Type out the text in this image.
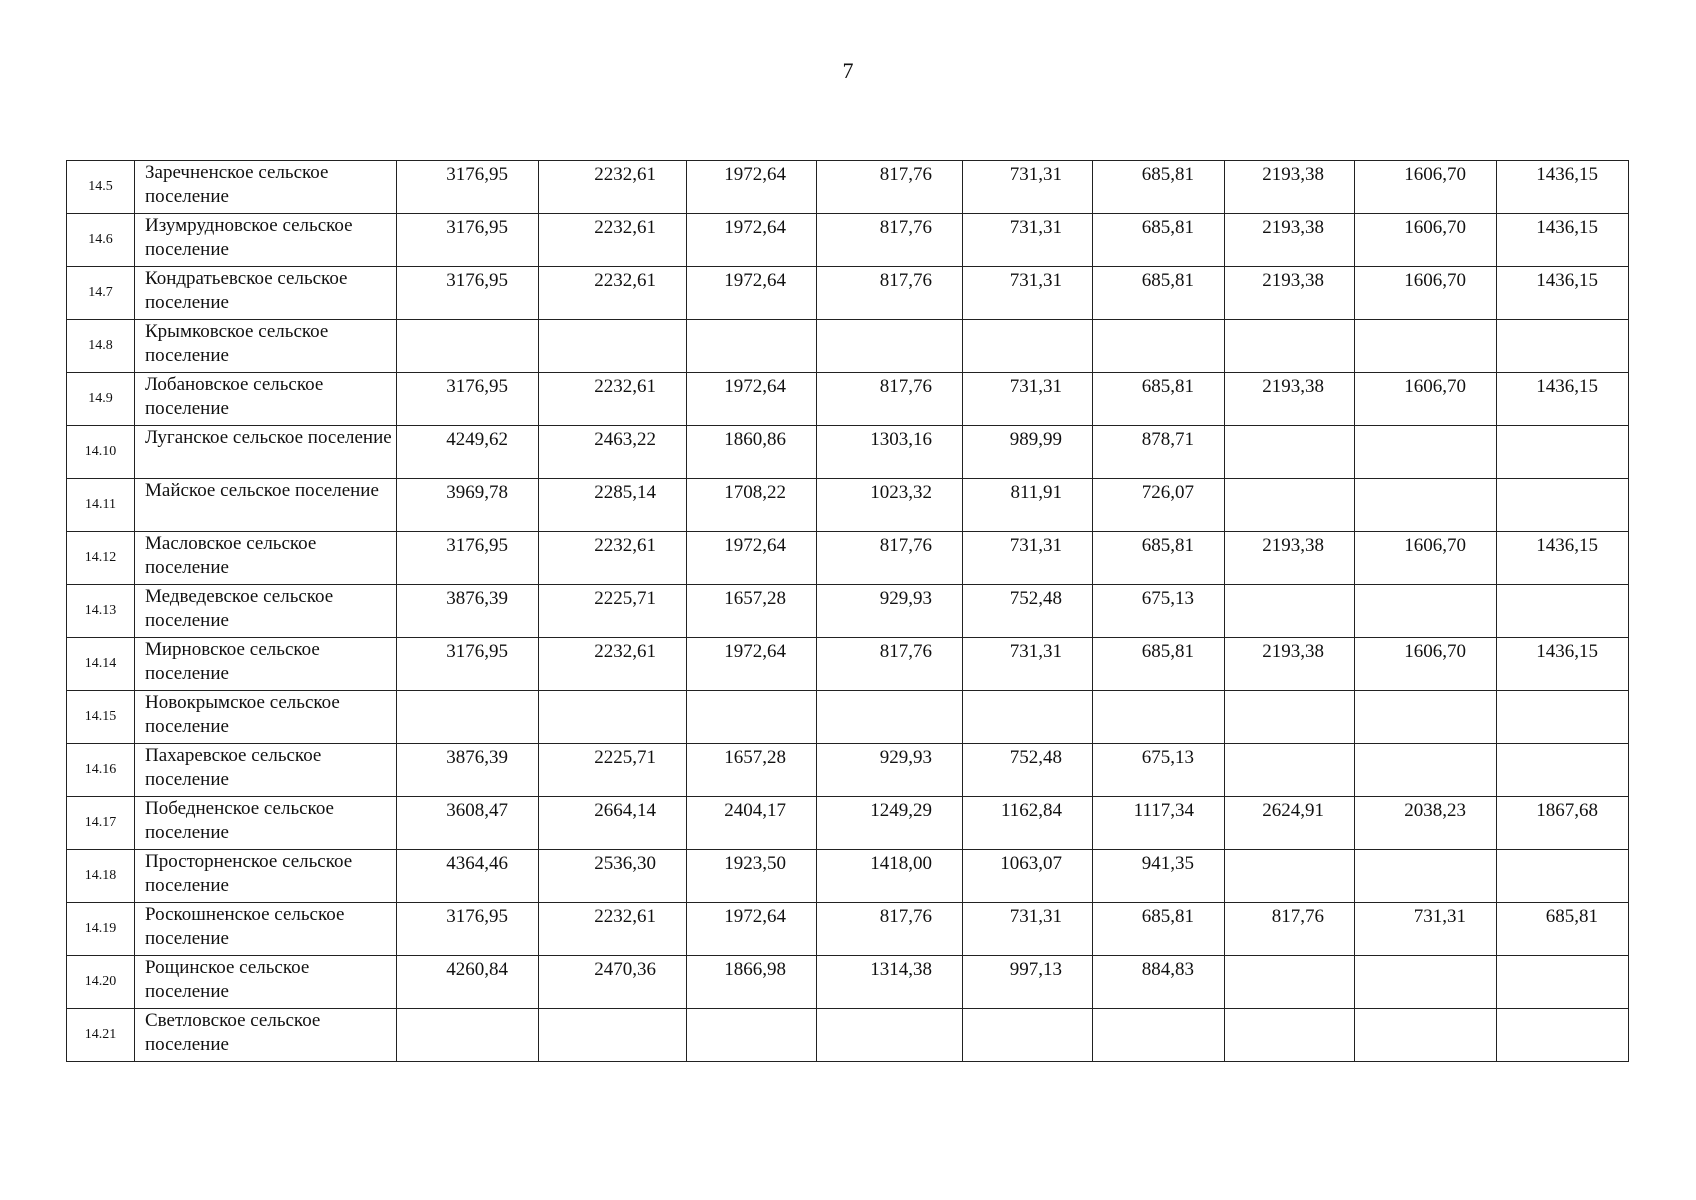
7
14.5	Заречненское сельское поселение	3176,95	2232,61	1972,64	817,76	731,31	685,81	2193,38	1606,70	1436,15
14.6	Изумрудновское сельское поселение	3176,95	2232,61	1972,64	817,76	731,31	685,81	2193,38	1606,70	1436,15
14.7	Кондратьевское сельское поселение	3176,95	2232,61	1972,64	817,76	731,31	685,81	2193,38	1606,70	1436,15
14.8	Крымковское сельское поселение									
14.9	Лобановское сельское поселение	3176,95	2232,61	1972,64	817,76	731,31	685,81	2193,38	1606,70	1436,15
14.10	Луганское сельское поселение	4249,62	2463,22	1860,86	1303,16	989,99	878,71			
14.11	Майское сельское поселение	3969,78	2285,14	1708,22	1023,32	811,91	726,07			
14.12	Масловское сельское поселение	3176,95	2232,61	1972,64	817,76	731,31	685,81	2193,38	1606,70	1436,15
14.13	Медведевское сельское поселение	3876,39	2225,71	1657,28	929,93	752,48	675,13			
14.14	Мирновское сельское поселение	3176,95	2232,61	1972,64	817,76	731,31	685,81	2193,38	1606,70	1436,15
14.15	Новокрымское сельское поселение									
14.16	Пахаревское сельское поселение	3876,39	2225,71	1657,28	929,93	752,48	675,13			
14.17	Победненское сельское поселение	3608,47	2664,14	2404,17	1249,29	1162,84	1117,34	2624,91	2038,23	1867,68
14.18	Просторненское сельское поселение	4364,46	2536,30	1923,50	1418,00	1063,07	941,35			
14.19	Роскошненское сельское поселение	3176,95	2232,61	1972,64	817,76	731,31	685,81	817,76	731,31	685,81
14.20	Рощинское сельское поселение	4260,84	2470,36	1866,98	1314,38	997,13	884,83			
14.21	Светловское сельское поселение									
